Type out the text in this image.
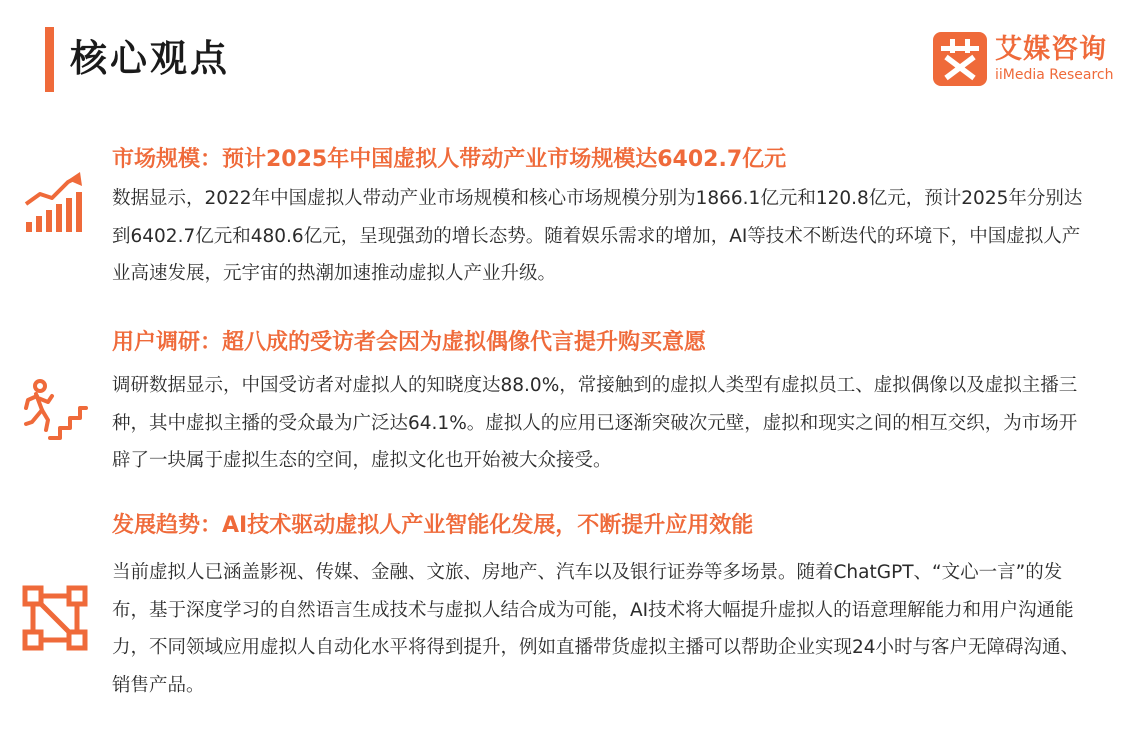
核心观点	艾媒咨询
iiMedia Research
市场规模：预计2025年中国虚拟人带动产业市场规模达6402.7亿元
数据显示，2022年中国虚拟人带动产业市场规模和核心市场规模分别为1866.1亿元和120.8亿元，预计2025年分别达到6402.7亿元和480.6亿元，呈现强劲的增长态势。随着娱乐需求的增加，AI等技术不断迭代的环境下，中国虚拟人产业高速发展，元宇宙的热潮加速推动虚拟人产业升级。
用户调研：超八成的受访者会因为虚拟偶像代言提升购买意愿
调研数据显示，中国受访者对虚拟人的知晓度达88.0%，常接触到的虚拟人类型有虚拟员工、虚拟偶像以及虚拟主播三种，其中虚拟主播的受众最为广泛达64.1%。虚拟人的应用已逐渐突破次元壁，虚拟和现实之间的相互交织，为市场开辟了一块属于虚拟生态的空间，虚拟文化也开始被大众接受。
发展趋势：AI技术驱动虚拟人产业智能化发展，不断提升应用效能
当前虚拟人已涵盖影视、传媒、金融、文旅、房地产、汽车以及银行证券等多场景。随着ChatGPT、“文心一言”的发布，基于深度学习的自然语言生成技术与虚拟人结合成为可能，AI技术将大幅提升虚拟人的语意理解能力和用户沟通能力，不同领域应用虚拟人自动化水平将得到提升，例如直播带货虚拟主播可以帮助企业实现24小时与客户无障碍沟通、销售产品。
